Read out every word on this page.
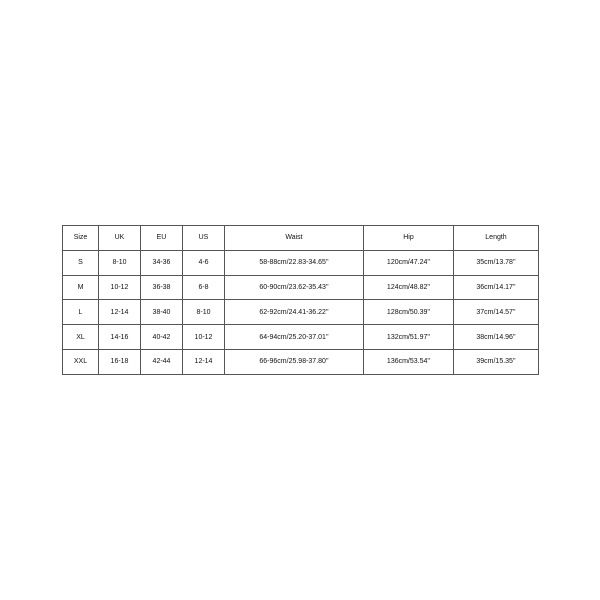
Size	UK	EU	US	Waist	Hip	Length
S	8-10	34-36	4-6	58-88cm/22.83-34.65''	120cm/47.24''	35cm/13.78''
M	10-12	36-38	6-8	60-90cm/23.62-35.43''	124cm/48.82''	36cm/14.17''
L	12-14	38-40	8-10	62-92cm/24.41-36.22''	128cm/50.39''	37cm/14.57''
XL	14-16	40-42	10-12	64-94cm/25.20-37.01''	132cm/51.97''	38cm/14.96''
XXL	16-18	42-44	12-14	66-96cm/25.98-37.80''	136cm/53.54''	39cm/15.35''
